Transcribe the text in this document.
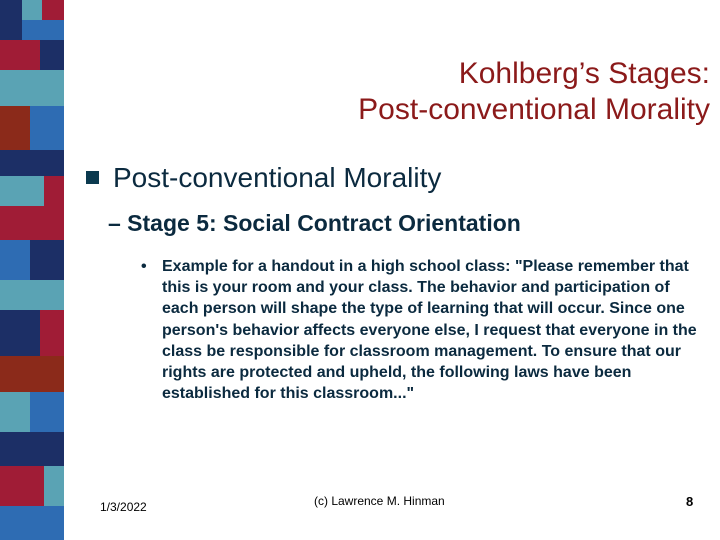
Kohlberg’s Stages:
Post-conventional Morality
Post-conventional Morality
– Stage 5: Social Contract Orientation
• Example for a handout in a high school class: "Please remember that this is your room and your class. The behavior and participation of each person will shape the type of learning that will occur. Since one person's behavior affects everyone else, I request that everyone in the class be responsible for classroom management. To ensure that our rights are protected and upheld, the following laws have been established for this classroom..."
1/3/2022	(c) Lawrence M. Hinman	8
